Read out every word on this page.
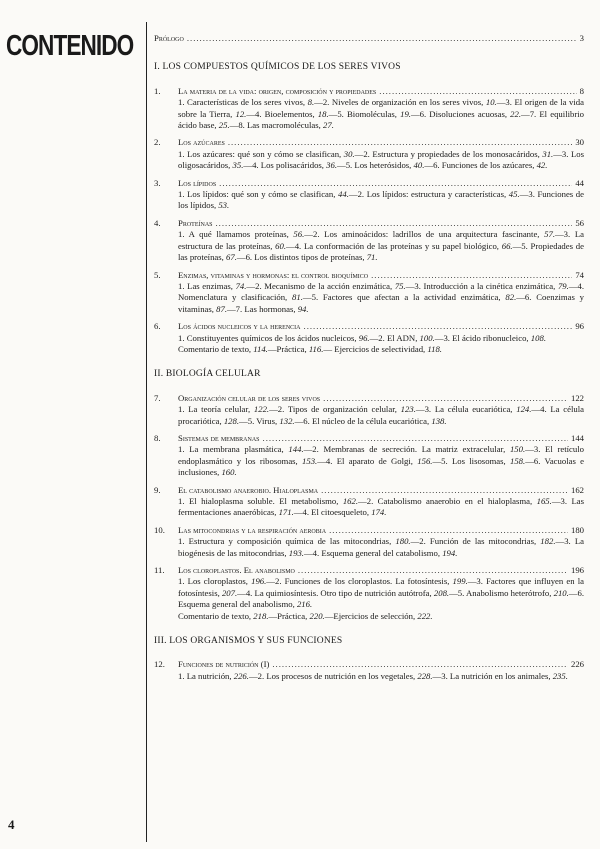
CONTENIDO
4
Prólogo .....	3
I. LOS COMPUESTOS QUÍMICOS DE LOS SERES VIVOS
1.	La materia de la vida: origen, composición y propiedades .....	8
1. Características de los seres vivos, 8.—2. Niveles de organización en los seres vivos, 10.—3. El origen de la vida sobre la Tierra, 12.—4. Bioelementos, 18.—5. Biomoléculas, 19.—6. Disoluciones acuosas, 22.—7. El equilibrio ácido base, 25.—8. Las macromoléculas, 27.
2.	Los azúcares .....	30
1. Los azúcares: qué son y cómo se clasifican, 30.—2. Estructura y propiedades de los monosacáridos, 31.—3. Los oligosacáridos, 35.—4. Los polisacáridos, 36.—5. Los heterósidos, 40.—6. Funciones de los azúcares, 42.
3.	Los lípidos .....	44
1. Los lípidos: qué son y cómo se clasifican, 44.—2. Los lípidos: estructura y características, 45.—3. Funciones de los lípidos, 53.
4.	Proteínas .....	56
1. A qué llamamos proteínas, 56.—2. Los aminoácidos: ladrillos de una arquitectura fascinante, 57.—3. La estructura de las proteínas, 60.—4. La conformación de las proteínas y su papel biológico, 66.—5. Propiedades de las proteínas, 67.—6. Los distintos tipos de proteínas, 71.
5.	Enzimas, vitaminas y hormonas: el control bioquímico .....	74
1. Las enzimas, 74.—2. Mecanismo de la acción enzimática, 75.—3. Introducción a la cinética enzimática, 79.—4. Nomenclatura y clasificación, 81.—5. Factores que afectan a la actividad enzimática, 82.—6. Coenzimas y vitaminas, 87.—7. Las hormonas, 94.
6.	Los ácidos nucleicos y la herencia .....	96
1. Constituyentes químicos de los ácidos nucleicos, 96.—2. El ADN, 100.—3. El ácido ribonucleico, 108.
Comentario de texto, 114.—Práctica, 116.— Ejercicios de selectividad, 118.
II. BIOLOGÍA CELULAR
7.	Organización celular de los seres vivos .....	122
1. La teoría celular, 122.—2. Tipos de organización celular, 123.—3. La célula eucariótica, 124.—4. La célula procariótica, 128.—5. Virus, 132.—6. El núcleo de la célula eucariótica, 138.
8.	Sistemas de membranas .....	144
1. La membrana plasmática, 144.—2. Membranas de secreción. La matriz extracelular, 150.—3. El retículo endoplasmático y los ribosomas, 153.—4. El aparato de Golgi, 156.—5. Los lisosomas, 158.—6. Vacuolas e inclusiones, 160.
9.	El catabolismo anaerobio. Hialoplasma .....	162
1. El hialoplasma soluble. El metabolismo, 162.—2. Catabolismo anaerobio en el hialoplasma, 165.—3. Las fermentaciones anaeróbicas, 171.—4. El citoesqueleto, 174.
10.	Las mitocondrias y la respiración aerobia .....	180
1. Estructura y composición química de las mitocondrias, 180.—2. Función de las mitocondrias, 182.—3. La biogénesis de las mitocondrias, 193.—4. Esquema general del catabolismo, 194.
11.	Los cloroplastos. El anabolismo .....	196
1. Los cloroplastos, 196.—2. Funciones de los cloroplastos. La fotosíntesis, 199.—3. Factores que influyen en la fotosíntesis, 207.—4. La quimiosíntesis. Otro tipo de nutrición autótrofa, 208.—5. Anabolismo heterótrofo, 210.—6. Esquema general del anabolismo, 216.
Comentario de texto, 218.—Práctica, 220.—Ejercicios de selección, 222.
III. LOS ORGANISMOS Y SUS FUNCIONES
12.	Funciones de nutrición (I) .....	226
1. La nutrición, 226.—2. Los procesos de nutrición en los vegetales, 228.—3. La nutrición en los animales, 235.
